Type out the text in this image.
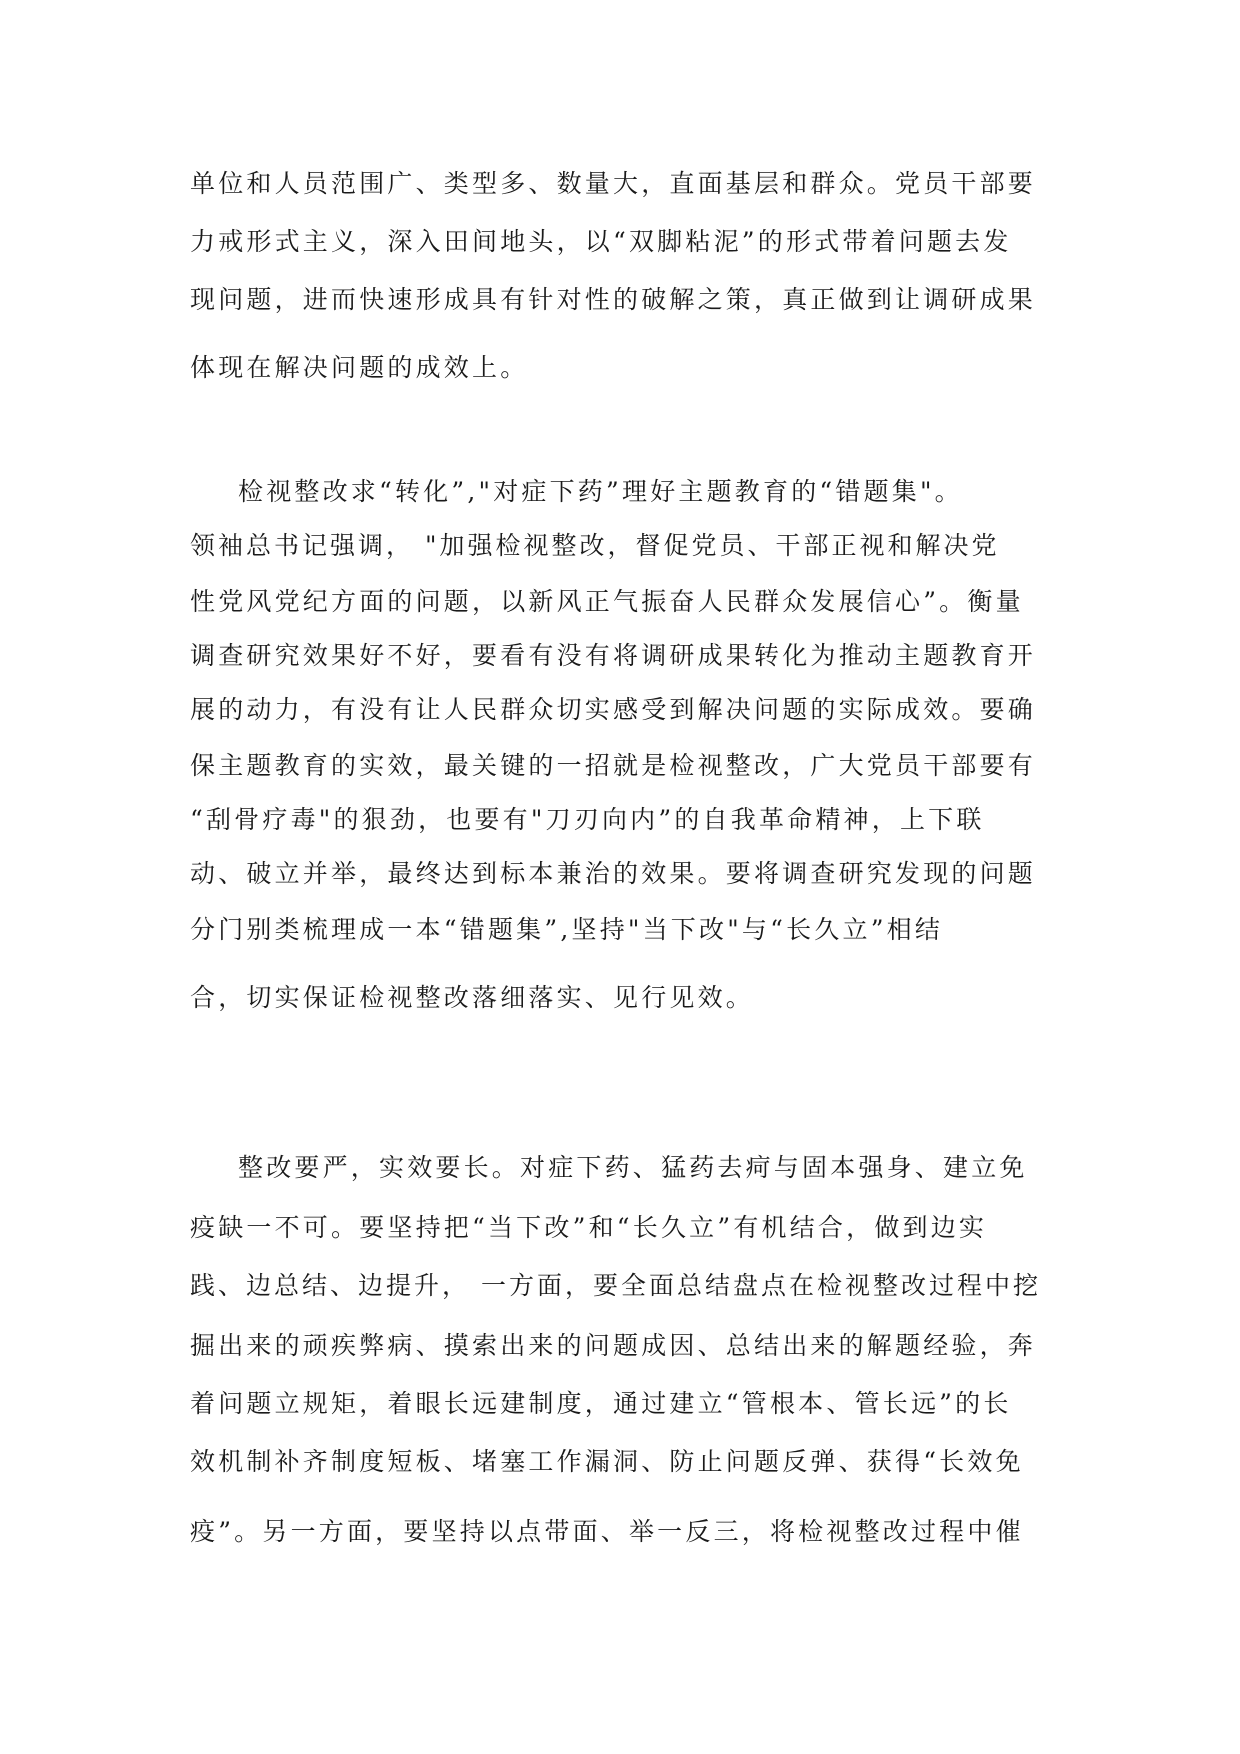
单位和人员范围广、类型多、数量大，直面基层和群众。党员干部要
力戒形式主义，深入田间地头，以“双脚粘泥”的形式带着问题去发
现问题，进而快速形成具有针对性的破解之策，真正做到让调研成果
体现在解决问题的成效上。
检视整改求“转化”,"对症下药”理好主题教育的“错题集"。
领袖总书记强调， "加强检视整改，督促党员、干部正视和解决党
性党风党纪方面的问题，以新风正气振奋人民群众发展信心”。衡量
调查研究效果好不好，要看有没有将调研成果转化为推动主题教育开
展的动力，有没有让人民群众切实感受到解决问题的实际成效。要确
保主题教育的实效，最关键的一招就是检视整改，广大党员干部要有
“刮骨疗毒"的狠劲，也要有"刀刃向内”的自我革命精神，上下联
动、破立并举，最终达到标本兼治的效果。要将调查研究发现的问题
分门别类梳理成一本“错题集”,坚持"当下改"与“长久立”相结
合，切实保证检视整改落细落实、见行见效。
整改要严，实效要长。对症下药、猛药去疴与固本强身、建立免
疫缺一不可。要坚持把“当下改”和“长久立”有机结合，做到边实
践、边总结、边提升， 一方面，要全面总结盘点在检视整改过程中挖
掘出来的顽疾弊病、摸索出来的问题成因、总结出来的解题经验，奔
着问题立规矩，着眼长远建制度，通过建立“管根本、管长远”的长
效机制补齐制度短板、堵塞工作漏洞、防止问题反弹、获得“长效免
疫”。另一方面，要坚持以点带面、举一反三，将检视整改过程中催
